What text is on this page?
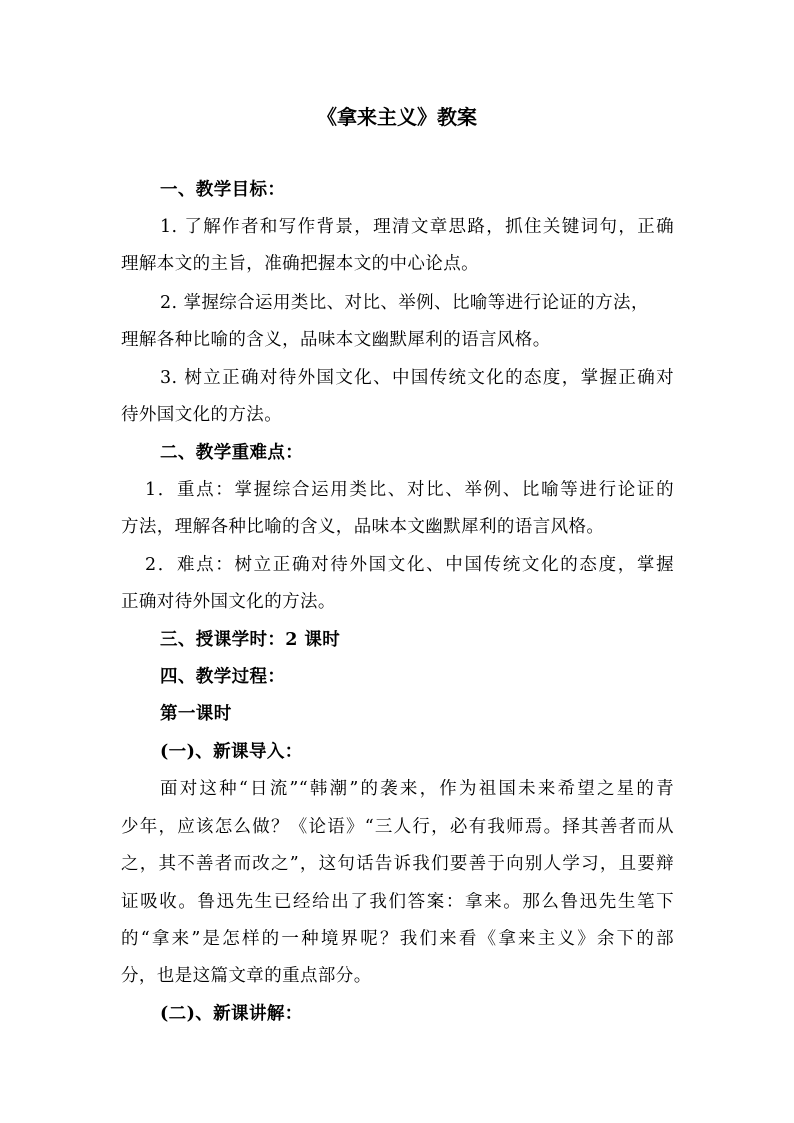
《拿来主义》教案
一、教学目标：
1. 了解作者和写作背景，理清文章思路，抓住关键词句，正确
理解本文的主旨，准确把握本文的中心论点。
2. 掌握综合运用类比、对比、举例、比喻等进行论证的方法，
理解各种比喻的含义，品味本文幽默犀利的语言风格。
3. 树立正确对待外国文化、中国传统文化的态度，掌握正确对
待外国文化的方法。
二、教学重难点：
1．重点：掌握综合运用类比、对比、举例、比喻等进行论证的
方法，理解各种比喻的含义，品味本文幽默犀利的语言风格。
2．难点：树立正确对待外国文化、中国传统文化的态度，掌握
正确对待外国文化的方法。
三、授课学时：2 课时
四、教学过程：
第一课时
(一)、新课导入：
面对这种“日流”“韩潮”的袭来，作为祖国未来希望之星的青
少年，应该怎么做？《论语》“三人行，必有我师焉。择其善者而从
之，其不善者而改之”，这句话告诉我们要善于向别人学习，且要辩
证吸收。鲁迅先生已经给出了我们答案：拿来。那么鲁迅先生笔下
的“拿来”是怎样的一种境界呢？我们来看《拿来主义》余下的部
分，也是这篇文章的重点部分。
(二)、新课讲解：
